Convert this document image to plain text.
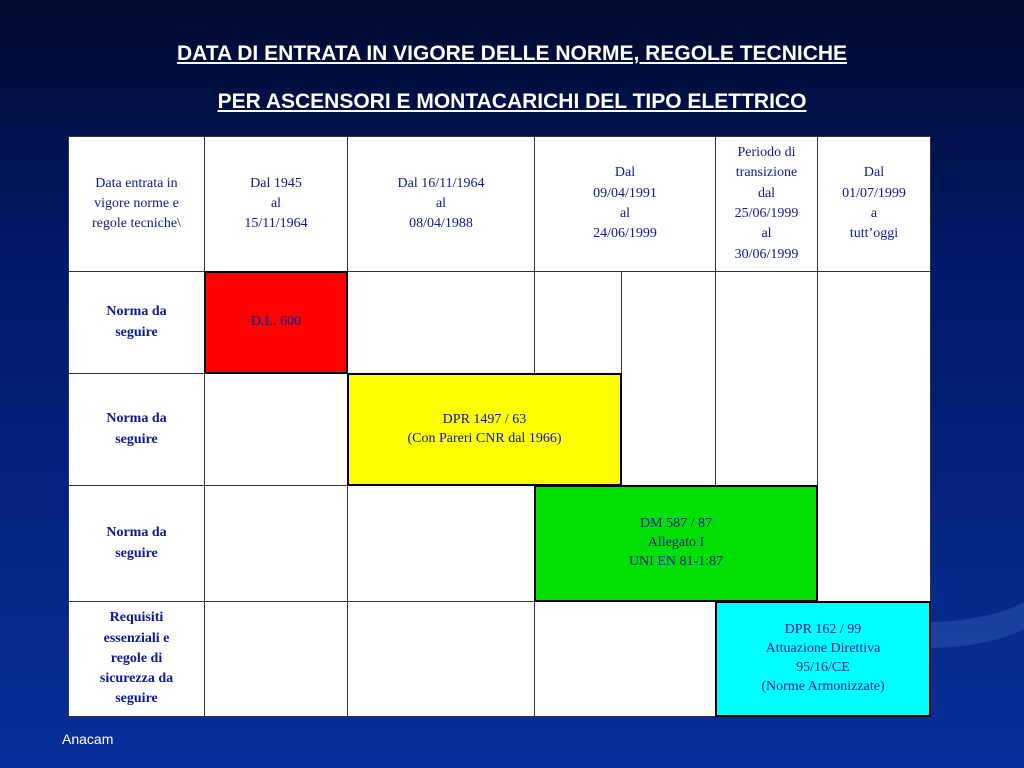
DATA DI ENTRATA IN VIGORE DELLE NORME, REGOLE TECNICHE
PER ASCENSORI E MONTACARICHI DEL TIPO ELETTRICO
Data entrata in
vigore norme e
regole tecniche\
Dal 1945
al
15/11/1964
Dal 16/11/1964
al
08/04/1988
Dal
09/04/1991
al
24/06/1999
Periodo di
transizione
dal
25/06/1999
al
30/06/1999
Dal
01/07/1999
a
tutt’oggi
Norma da
seguire
Norma da
seguire
Norma da
seguire
Requisiti
essenziali e
regole di
sicurezza da
seguire
D.L. 600
DPR 1497 / 63
(Con Pareri CNR dal 1966)
DM 587 / 87
Allegato I
UNI EN 81-1:87
DPR 162 / 99
Attuazione Direttiva
95/16/CE
(Norme Armonizzate)
Anacam
